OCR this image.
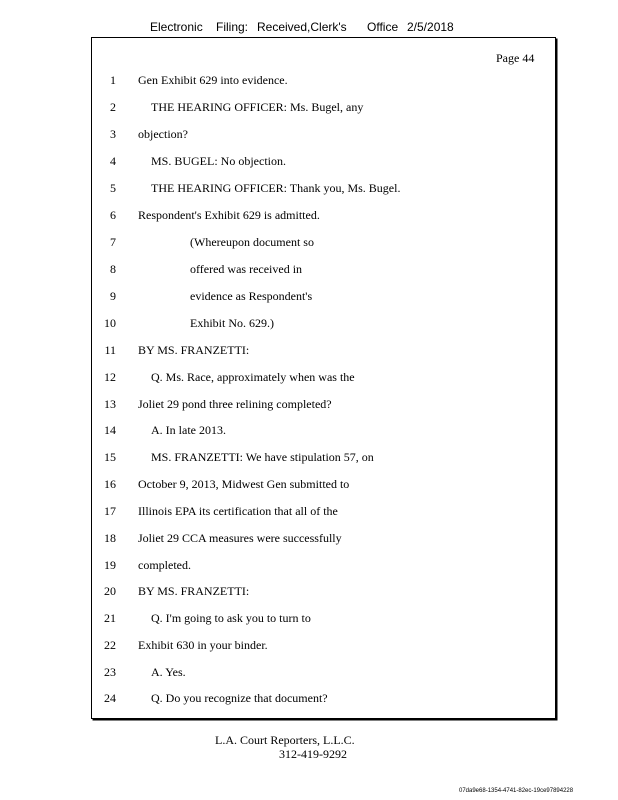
Electronic Filing: Received,Clerk's Office 2/5/2018
Page 44
1 Gen Exhibit 629 into evidence.
2	THE HEARING OFFICER: Ms. Bugel, any
3 objection?
4	MS. BUGEL: No objection.
5	THE HEARING OFFICER: Thank you, Ms. Bugel.
6 Respondent's Exhibit 629 is admitted.
7	(Whereupon document so
8	offered was received in
9	evidence as Respondent's
10	Exhibit No. 629.)
11 BY MS. FRANZETTI:
12	Q. Ms. Race, approximately when was the
13 Joliet 29 pond three relining completed?
14	A. In late 2013.
15	MS. FRANZETTI: We have stipulation 57, on
16 October 9, 2013, Midwest Gen submitted to
17 Illinois EPA its certification that all of the
18 Joliet 29 CCA measures were successfully
19 completed.
20 BY MS. FRANZETTI:
21	Q. I'm going to ask you to turn to
22 Exhibit 630 in your binder.
23	A. Yes.
24	Q. Do you recognize that document?
L.A. Court Reporters, L.L.C.
312-419-9292
07da9e68-1354-4741-82ec-19ce97894228
